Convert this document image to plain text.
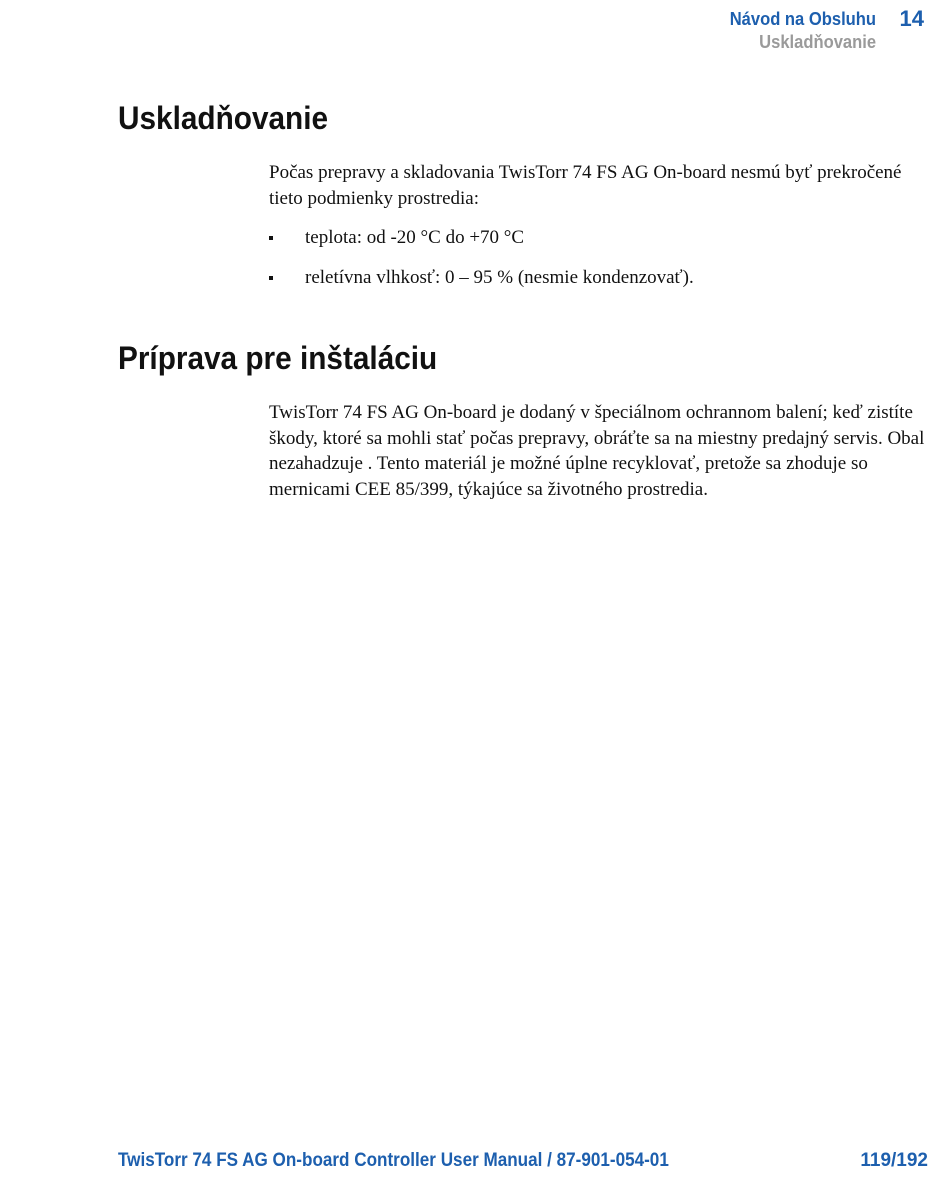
Návod na Obsluhu 14
Uskladňovanie
Uskladňovanie

Počas prepravy a skladovania TwisTorr 74 FS AG On-board nesmú byť prekročené tieto podmienky prostredia:

teplota: od -20 °C do +70 °C
reletívna vlhkosť: 0 – 95 % (nesmie kondenzovať).
Príprava pre inštaláciu

TwisTorr 74 FS AG On-board je dodaný v špeciálnom ochrannom balení; keď zistíte škody, ktoré sa mohli stať počas prepravy, obráťte sa na miestny predajný servis. Obal nezahadzuje . Tento materiál je možné úplne recyklovať, pretože sa zhoduje so mernicami CEE 85/399, týkajúce sa životného prostredia.

TwisTorr 74 FS AG On-board Controller User Manual / 87-901-054-01	119/192
